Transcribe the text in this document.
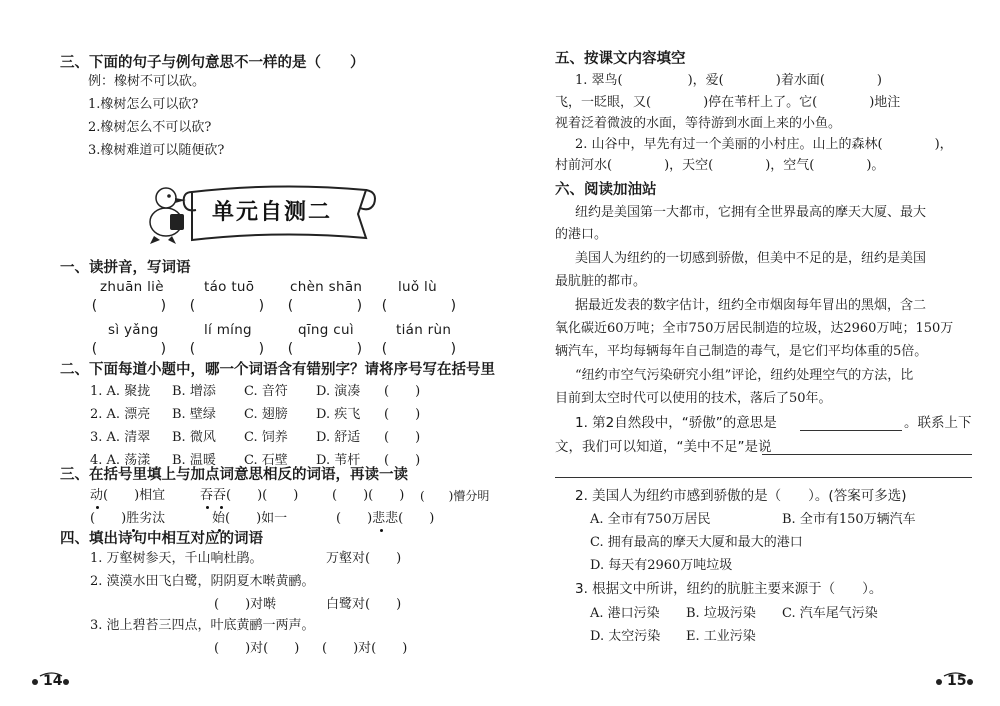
三、下面的句子与例句意思不一样的是（　　）
例：橡树不可以砍。
1.橡树怎么可以砍?
2.橡树怎么不可以砍?
3.橡树难道可以随便砍?
单元自测二
一、读拼音，写词语
zhuān liè	táo tuō	chèn shān	luǒ lù
(　　　　) (　　　　) (　　　　) (　　　　)
sì yǎng	lí míng	qīng cuì	tián rùn
(　　　　) (　　　　) (　　　　) (　　　　)
二、下面每道小题中，哪一个词语含有错别字？请将序号写在括号里
1. A. 聚拢 B. 增添 C. 音符 D. 演凑 (　　)
2. A. 漂亮 B. 壁绿 C. 翅膀 D. 疾飞 (　　)
3. A. 清翠 B. 微风 C. 饲养 D. 舒适 (　　)
4. A. 荡漾 B. 温暖 C. 石壁 D. 苇杆 (　　)
三、在括号里填上与加点词意思相反的词语，再读一读
动(　　)相宜	吞吞(　　)(　　)	(　　)(　　) (　　)懵分明
(　　)胜劣汰	始(　　)如一	(　　)悲悲(　　)
四、填出诗句中相互对应的词语
1. 万壑树参天，千山响杜鹃。	万壑对(　　)
2. 漠漠水田飞白鹭，阴阴夏木啭黄鹂。
(　　)对啭	白鹭对(　　)
3. 池上碧苔三四点，叶底黄鹂一两声。
(　　)对(　　) (　　)对(　　)
14
五、按课文内容填空
1. 翠鸟(　　　　　)，爱(　　　　)着水面(　　　　)
飞，一眨眼，又(　　　　)停在苇杆上了。它(　　　　)地注
视着泛着微波的水面，等待游到水面上来的小鱼。
2. 山谷中，早先有过一个美丽的小村庄。山上的森林(　　　　)，
村前河水(　　　　)，天空(　　　　)，空气(　　　　)。
六、阅读加油站
纽约是美国第一大都市，它拥有全世界最高的摩天大厦、最大
的港口。
美国人为纽约的一切感到骄傲，但美中不足的是，纽约是美国
最肮脏的都市。
据最近发表的数字估计，纽约全市烟囱每年冒出的黑烟，含二
氧化碳近60万吨；全市750万居民制造的垃圾，达2960万吨；150万
辆汽车，平均每辆每年自己制造的毒气，是它们平均体重的5倍。
“纽约市空气污染研究小组”评论，纽约处理空气的方法，比
目前到太空时代可以使用的技术，落后了50年。
1. 第2自然段中，“骄傲”的意思是	。联系上下
文，我们可以知道，“美中不足”是说
2. 美国人为纽约市感到骄傲的是（　　）。(答案可多选)
A. 全市有750万居民	B. 全市有150万辆汽车
C. 拥有最高的摩天大厦和最大的港口
D. 每天有2960万吨垃圾
3. 根据文中所讲，纽约的肮脏主要来源于（　　）。
A. 港口污染 B. 垃圾污染 C. 汽车尾气污染
D. 太空污染 E. 工业污染
15
